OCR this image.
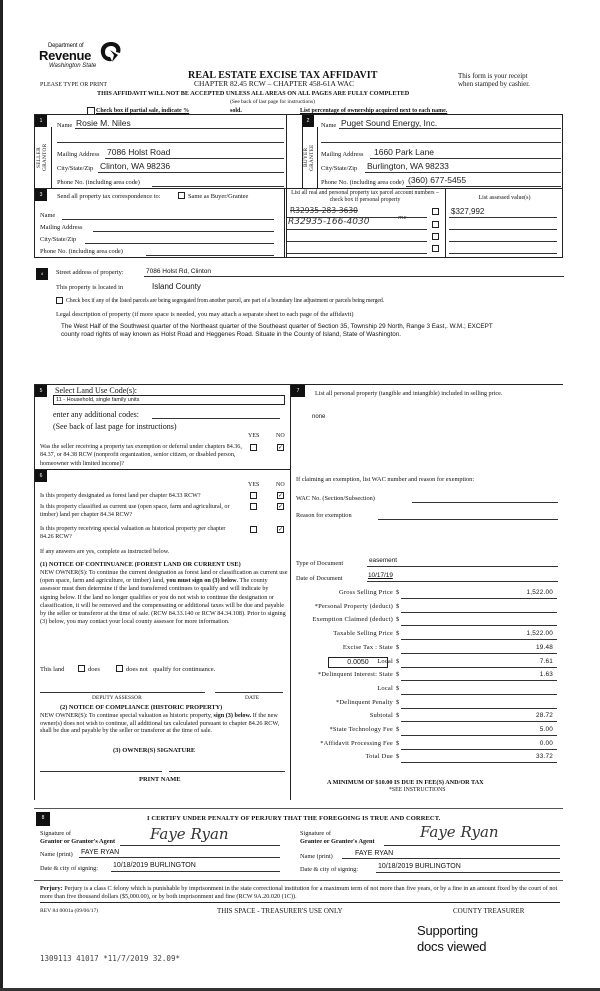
Department of
Revenue
Washington State
REAL ESTATE EXCISE TAX AFFIDAVIT
PLEASE TYPE OR PRINT	CHAPTER 82.45 RCW – CHAPTER 458-61A WAC
This form is your receipt
when stamped by cashier.
THIS AFFIDAVIT WILL NOT BE ACCEPTED UNLESS ALL AREAS ON ALL PAGES ARE FULLY COMPLETED
(See back of last page for instructions)
Check box if partial sale, indicate %	sold.	List percentage of ownership acquired next to each name.
1
SELLER GRANTOR
Name Rosie M. Niles
Mailing Address 7086 Holst Road
City/State/Zip Clinton, WA 98236
Phone No. (including area code)
2
BUYER GRANTEE
Name Puget Sound Energy, Inc.
Mailing Address 1660 Park Lane
City/State/Zip Burlington, WA 98233
Phone No. (including area code) (360) 677-5455
3	Send all property tax correspondence to:	Same as Buyer/Grantee
Name
Mailing Address
City/State/Zip
Phone No. (including area code)
List all real and personal property tax parcel account numbers – check box if personal property	List assessed value(s)
R32935-283-3630	$327,992
R32935-166-4030	-mc
4	Street address of property:	7086 Holst Rd, Clinton
This property is located in	Island County
Check box if any of the listed parcels are being segregated from another parcel, are part of a boundary line adjustment or parcels being merged.
Legal description of property (if more space is needed, you may attach a separate sheet to each page of the affidavit)
The West Half of the Southwest quarter of the Northeast quarter of the Southeast quarter of Section 35, Township 29 North, Range 3 East,. W.M.; EXCEPT county road rights of way known as Holst Road and Heggenes Road. Situate in the County of Island, State of Washington.
5	Select Land Use Code(s):
11 - Household, single family units
enter any additional codes:
(See back of last page for instructions)
YES	NO
Was the seller receiving a property tax exemption or deferral under chapters 84.36, 84.37, or 84.38 RCW (nonprofit organization, senior citizen, or disabled person, homeowner with limited income)?
✓
6
YES	NO
Is this property designated as forest land per chapter 84.33 RCW?	✓
Is this property classified as current use (open space, farm and agricultural, or timber) land per chapter 84.34 RCW?
✓
Is this property receiving special valuation as historical property per chapter 84.26 RCW?
✓
If any answers are yes, complete as instructed below.
(1) NOTICE OF CONTINUANCE (FOREST LAND OR CURRENT USE)
NEW OWNER(S): To continue the current designation as forest land or classification as current use (open space, farm and agriculture, or timber) land, you must sign on (3) below. The county assessor must then determine if the land transferred continues to qualify and will indicate by signing below. If the land no longer qualifies or you do not wish to continue the designation or classification, it will be removed and the compensating or additional taxes will be due and payable by the seller or transferor at the time of sale. (RCW 84.33.140 or RCW 84.34.108). Prior to signing (3) below, you may contact your local county assessor for more information.
This land	does	does not qualify for continuance.
DEPUTY ASSESSOR	DATE
(2) NOTICE OF COMPLIANCE (HISTORIC PROPERTY)
NEW OWNER(S): To continue special valuation as historic property, sign (3) below. If the new owner(s) does not wish to continue, all additional tax calculated pursuant to chapter 84.26 RCW, shall be due and payable by the seller or transferor at the time of sale.
(3) OWNER(S) SIGNATURE
PRINT NAME
7	List all personal property (tangible and intangible) included in selling price.
none
If claiming an exemption, list WAC number and reason for exemption:
WAC No. (Section/Subsection)
Reason for exemption
Type of Document	easement
Date of Document	10/17/19
Gross Selling Price $	1,522.00
*Personal Property (deduct) $
Exemption Claimed (deduct) $
Taxable Selling Price $	1,522.00
Excise Tax : State $	19.48
Local $	7.61
*Delinquent Interest: State $	1.63
Local $
*Delinquent Penalty $
Subtotal $	28.72
*State Technology Fee $	5.00
*Affidavit Processing Fee $	0.00
Total Due $	33.72
0.0050
A MINIMUM OF $10.00 IS DUE IN FEE(S) AND/OR TAX
*SEE INSTRUCTIONS
8	I CERTIFY UNDER PENALTY OF PERJURY THAT THE FOREGOING IS TRUE AND CORRECT.
Signature of
Grantor or Grantor's Agent Faye Ryan
Name (print) FAYE RYAN
Date & city of signing: 10/18/2019 BURLINGTON
Signature of
Grantee or Grantee's Agent
Faye Ryan
Name (print)	FAYE RYAN
Date & city of signing:	10/18/2019 BURLINGTON
Perjury: Perjury is a class C felony which is punishable by imprisonment in the state correctional institution for a maximum term of not more than five years, or by a fine in an amount fixed by the court of not more than five thousand dollars ($5,000.00), or by both imprisonment and fine (RCW 9A.20.020 (1C)).
REV 84 0001a (09/06/17)	THIS SPACE - TREASURER'S USE ONLY	COUNTY TREASURER
Supporting
docs viewed
1309113 41017 *11/7/2019 32.09*
